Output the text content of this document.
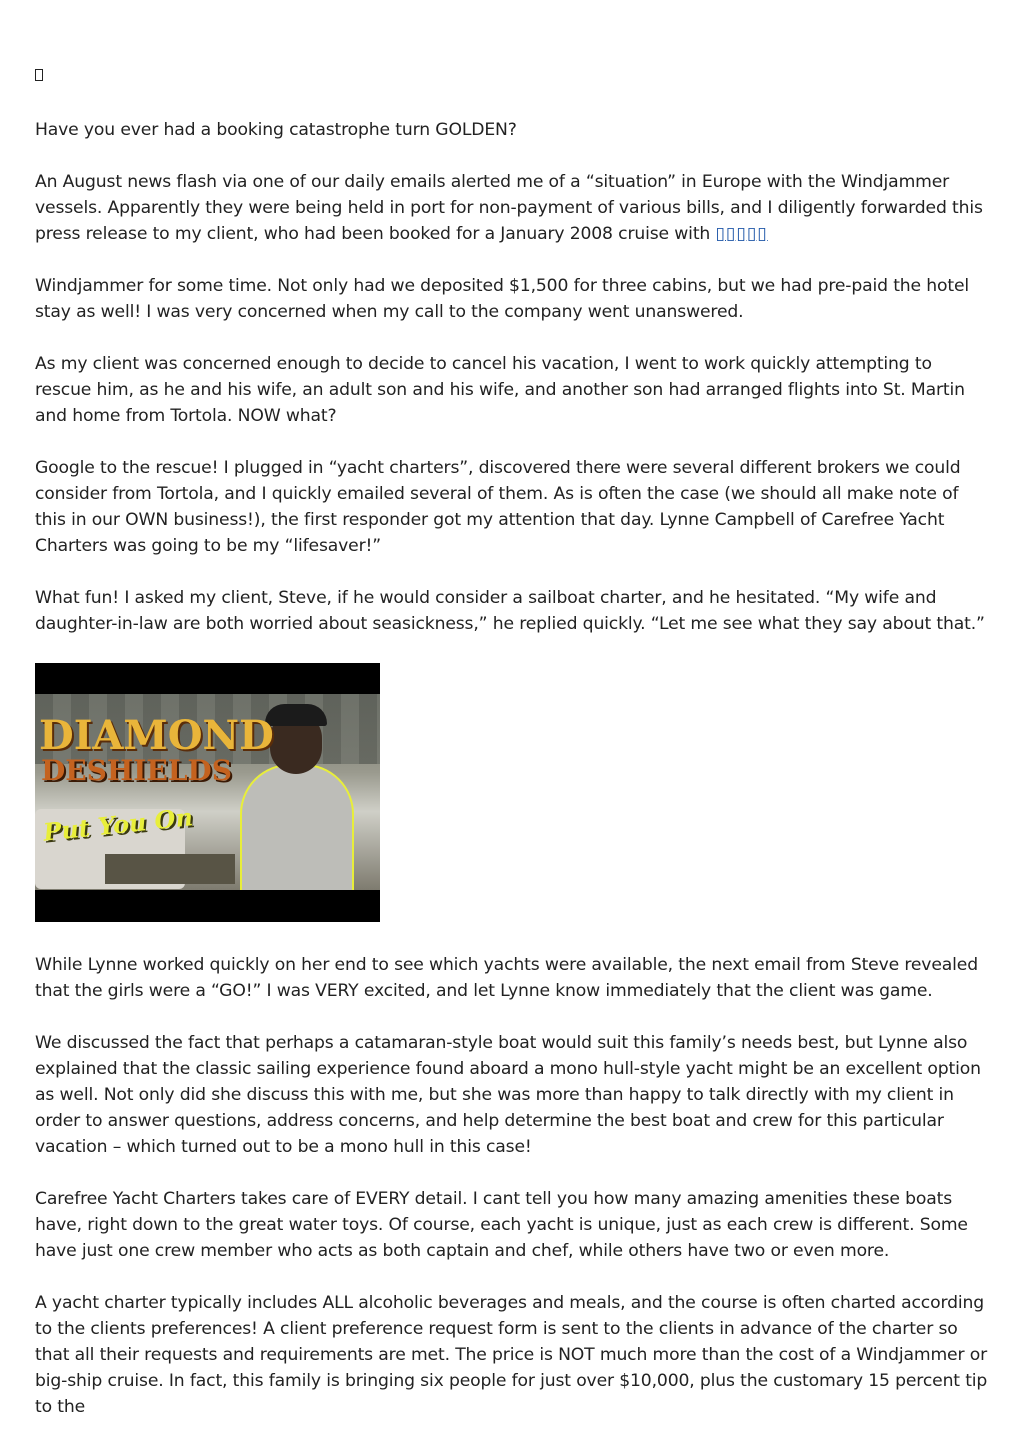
Have you ever had a booking catastrophe turn GOLDEN?

An August news flash via one of our daily emails alerted me of a “situation” in Europe with the Windjammer vessels. Apparently they were being held in port for non-payment of various bills, and I diligently forwarded this press release to my client, who had been booked for a January 2008 cruise with ▯▯▯▯▯

Windjammer for some time. Not only had we deposited $1,500 for three cabins, but we had pre-paid the hotel stay as well! I was very concerned when my call to the company went unanswered.

As my client was concerned enough to decide to cancel his vacation, I went to work quickly attempting to rescue him, as he and his wife, an adult son and his wife, and another son had arranged flights into St. Martin and home from Tortola. NOW what?

Google to the rescue! I plugged in “yacht charters”, discovered there were several different brokers we could consider from Tortola, and I quickly emailed several of them. As is often the case (we should all make note of this in our OWN business!), the first responder got my attention that day. Lynne Campbell of Carefree Yacht Charters was going to be my “lifesaver!”

What fun! I asked my client, Steve, if he would consider a sailboat charter, and he hesitated. “My wife and daughter-in-law are both worried about seasickness,” he replied quickly. “Let me see what they say about that.”

DIAMOND
DESHIELDS
Put You On

While Lynne worked quickly on her end to see which yachts were available, the next email from Steve revealed that the girls were a “GO!” I was VERY excited, and let Lynne know immediately that the client was game.

We discussed the fact that perhaps a catamaran-style boat would suit this family’s needs best, but Lynne also explained that the classic sailing experience found aboard a mono hull-style yacht might be an excellent option as well. Not only did she discuss this with me, but she was more than happy to talk directly with my client in order to answer questions, address concerns, and help determine the best boat and crew for this particular vacation – which turned out to be a mono hull in this case!

Carefree Yacht Charters takes care of EVERY detail. I cant tell you how many amazing amenities these boats have, right down to the great water toys. Of course, each yacht is unique, just as each crew is different. Some have just one crew member who acts as both captain and chef, while others have two or even more.

A yacht charter typically includes ALL alcoholic beverages and meals, and the course is often charted according to the clients preferences! A client preference request form is sent to the clients in advance of the charter so that all their requests and requirements are met. The price is NOT much more than the cost of a Windjammer or big-ship cruise. In fact, this family is bringing six people for just over $10,000, plus the customary 15 percent tip to the
